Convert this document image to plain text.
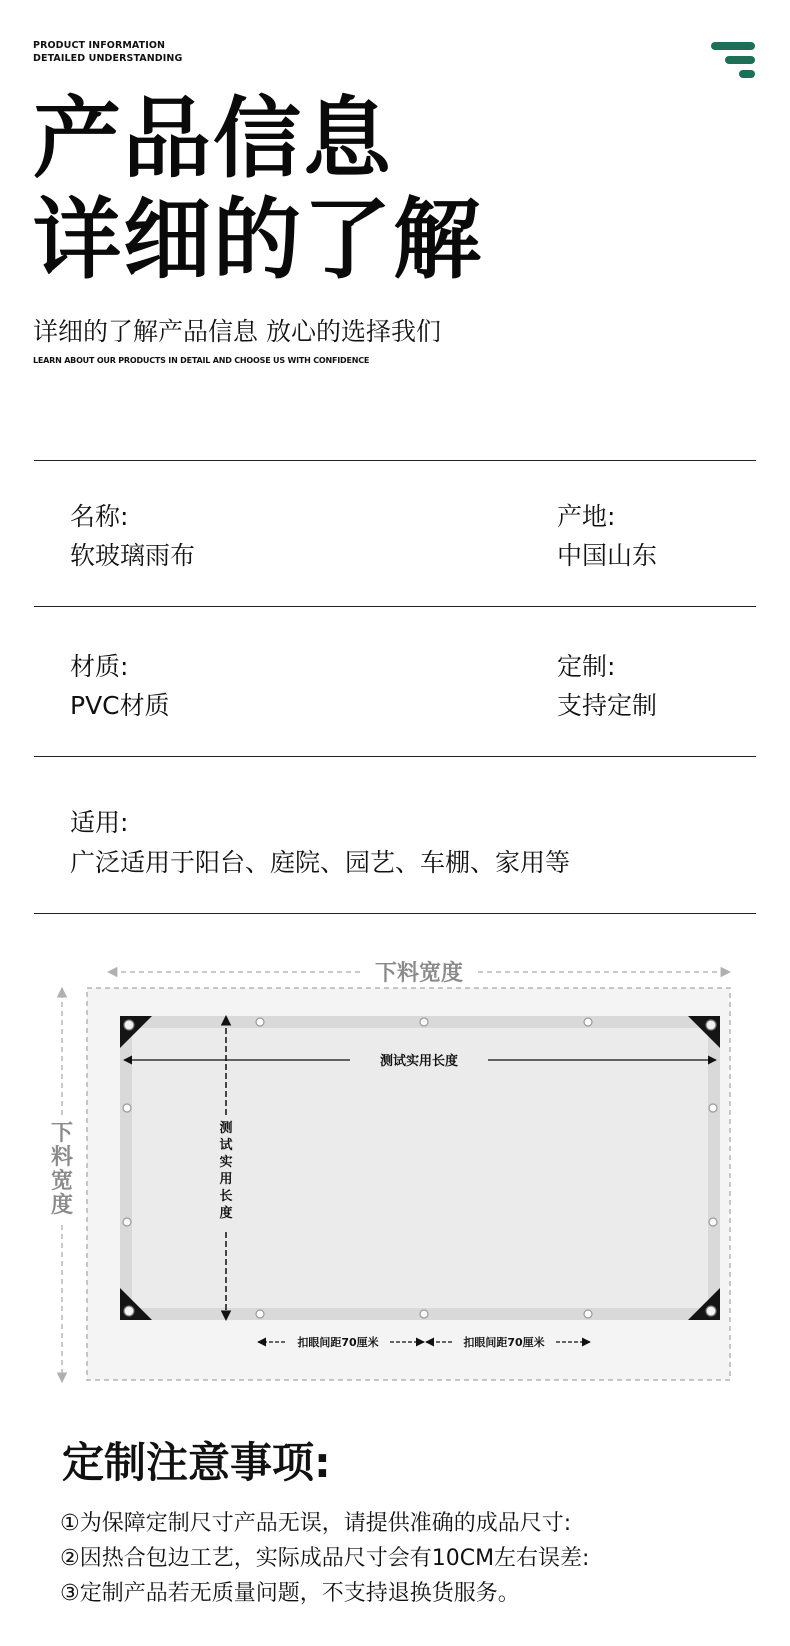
PRODUCT INFORMATION
DETAILED UNDERSTANDING
产品信息
详细的了解
详细的了解产品信息 放心的选择我们
LEARN ABOUT OUR PRODUCTS IN DETAIL AND CHOOSE US WITH CONFIDENCE
名称:
软玻璃雨布
产地:
中国山东
材质:
PVC材质
定制:
支持定制
适用:
广泛适用于阳台、庭院、园艺、车棚、家用等
下料宽度
下
料
宽
度
测试实用长度
测
试
实
用
长
度
扣眼间距70厘米	扣眼间距70厘米
定制注意事项:
①为保障定制尺寸产品无误，请提供准确的成品尺寸:
②因热合包边工艺，实际成品尺寸会有10CM左右误差:
③定制产品若无质量问题，不支持退换货服务。
